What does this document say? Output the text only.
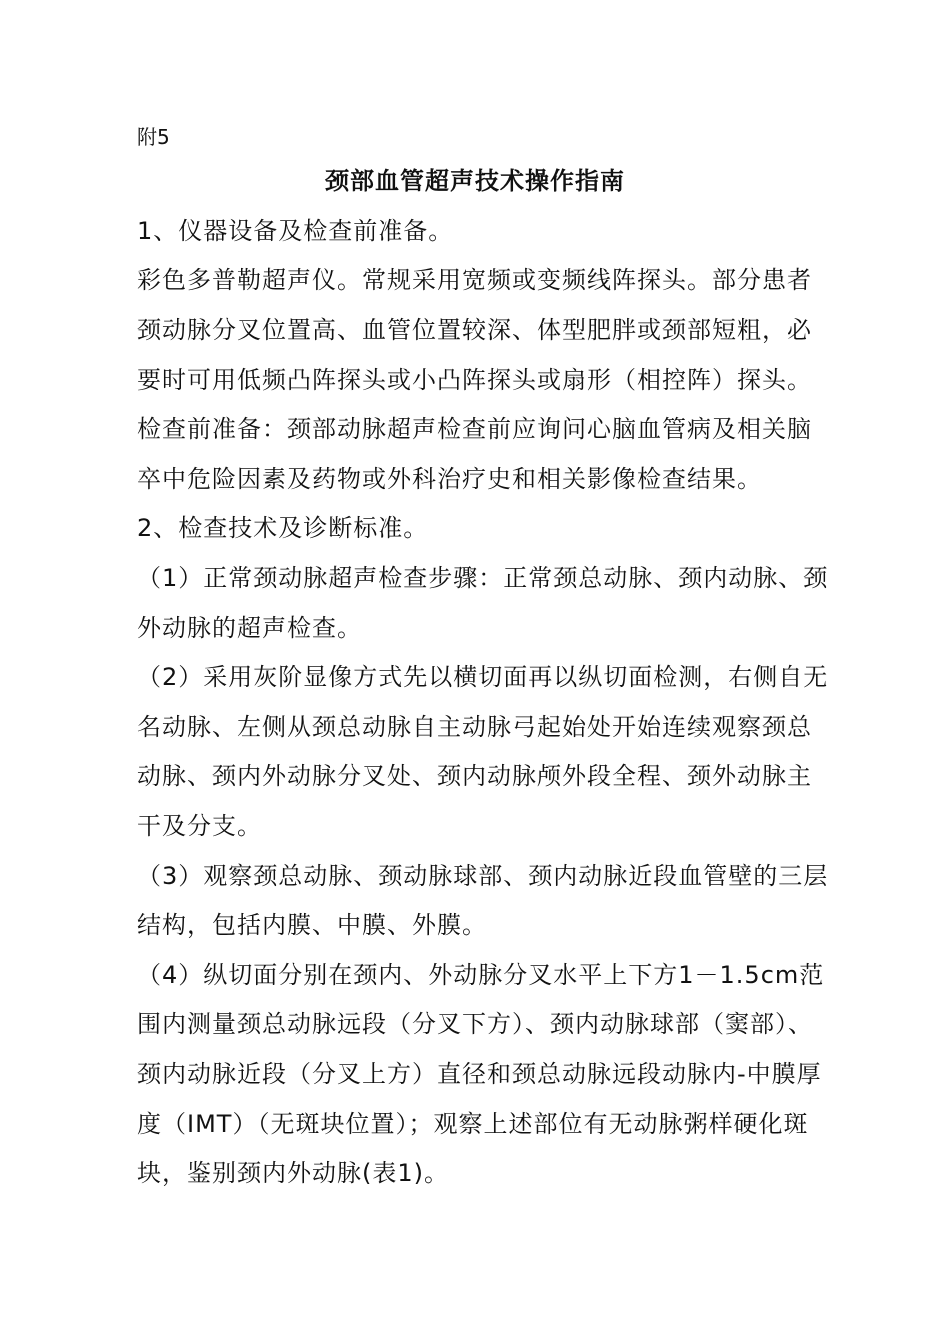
附5

颈部血管超声技术操作指南

1、仪器设备及检查前准备。

彩色多普勒超声仪。常规采用宽频或变频线阵探头。部分患者

颈动脉分叉位置高、血管位置较深、体型肥胖或颈部短粗，必

要时可用低频凸阵探头或小凸阵探头或扇形（相控阵）探头。

检查前准备：颈部动脉超声检查前应询问心脑血管病及相关脑

卒中危险因素及药物或外科治疗史和相关影像检查结果。

2、检查技术及诊断标准。

（1）正常颈动脉超声检查步骤：正常颈总动脉、颈内动脉、颈

外动脉的超声检查。

（2）采用灰阶显像方式先以横切面再以纵切面检测，右侧自无

名动脉、左侧从颈总动脉自主动脉弓起始处开始连续观察颈总

动脉、颈内外动脉分叉处、颈内动脉颅外段全程、颈外动脉主

干及分支。

（3）观察颈总动脉、颈动脉球部、颈内动脉近段血管壁的三层

结构，包括内膜、中膜、外膜。

（4）纵切面分别在颈内、外动脉分叉水平上下方1－1.5cm范

围内测量颈总动脉远段（分叉下方）、颈内动脉球部（窦部）、

颈内动脉近段（分叉上方）直径和颈总动脉远段动脉内-中膜厚

度（IMT）（无斑块位置）；观察上述部位有无动脉粥样硬化斑

块，鉴别颈内外动脉(表1)。
